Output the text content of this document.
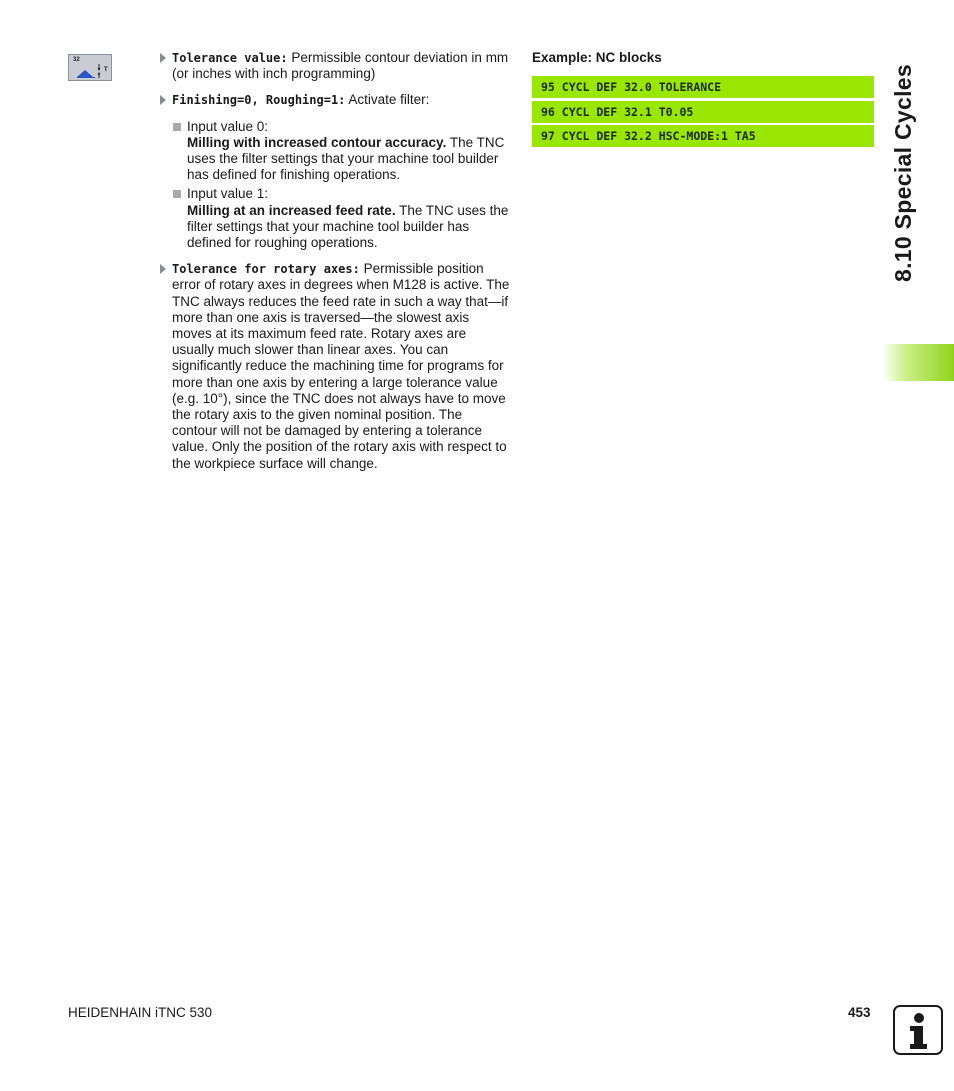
32
T

Tolerance value: Permissible contour deviation in mm (or inches with inch programming)

Finishing=0, Roughing=1: Activate filter:

Input value 0:
Milling with increased contour accuracy. The TNC uses the filter settings that your machine tool builder has defined for finishing operations.
Input value 1:
Milling at an increased feed rate. The TNC uses the filter settings that your machine tool builder has defined for roughing operations.

Tolerance for rotary axes: Permissible position error of rotary axes in degrees when M128 is active. The TNC always reduces the feed rate in such a way that—if more than one axis is traversed—the slowest axis moves at its maximum feed rate. Rotary axes are usually much slower than linear axes. You can significantly reduce the machining time for programs for more than one axis by entering a large tolerance value (e.g. 10°), since the TNC does not always have to move the rotary axis to the given nominal position. The contour will not be damaged by entering a tolerance value. Only the position of the rotary axis with respect to the workpiece surface will change.

Example: NC blocks
95 CYCL DEF 32.0 TOLERANCE
96 CYCL DEF 32.1 T0.05
97 CYCL DEF 32.2 HSC-MODE:1 TA5	8.10 Special Cycles
HEIDENHAIN iTNC 530	453
